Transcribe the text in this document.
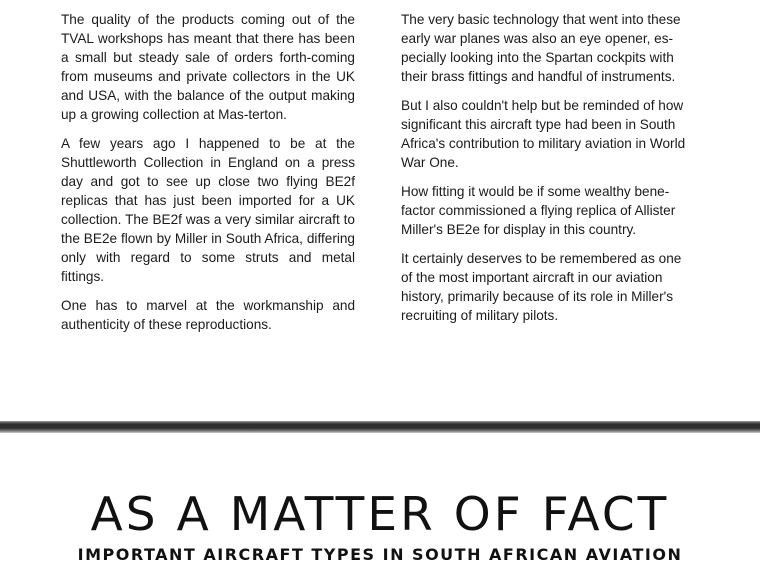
The quality of the products coming out of the TVAL workshops has meant that there has been a small but steady sale of orders forth-coming from museums and private collectors in the UK and USA, with the balance of the output making up a growing collection at Mas-terton.

A few years ago I happened to be at the Shuttleworth Collection in England on a press day and got to see up close two flying BE2f replicas that has just been imported for a UK collection. The BE2f was a very similar aircraft to the BE2e flown by Miller in South Africa, differing only with regard to some struts and metal fittings.

One has to marvel at the workmanship and authenticity of these reproductions.

The very basic technology that went into these early war planes was also an eye opener, es-pecially looking into the Spartan cockpits with their brass fittings and handful of instruments.

But I also couldn't help but be reminded of how significant this aircraft type had been in South Africa's contribution to military aviation in World War One.

How fitting it would be if some wealthy bene-factor commissioned a flying replica of Allister Miller's BE2e for display in this country.

It certainly deserves to be remembered as one of the most important aircraft in our aviation history, primarily because of its role in Miller's recruiting of military pilots.

AS A MATTER OF FACT
IMPORTANT AIRCRAFT TYPES IN SOUTH AFRICAN AVIATION
